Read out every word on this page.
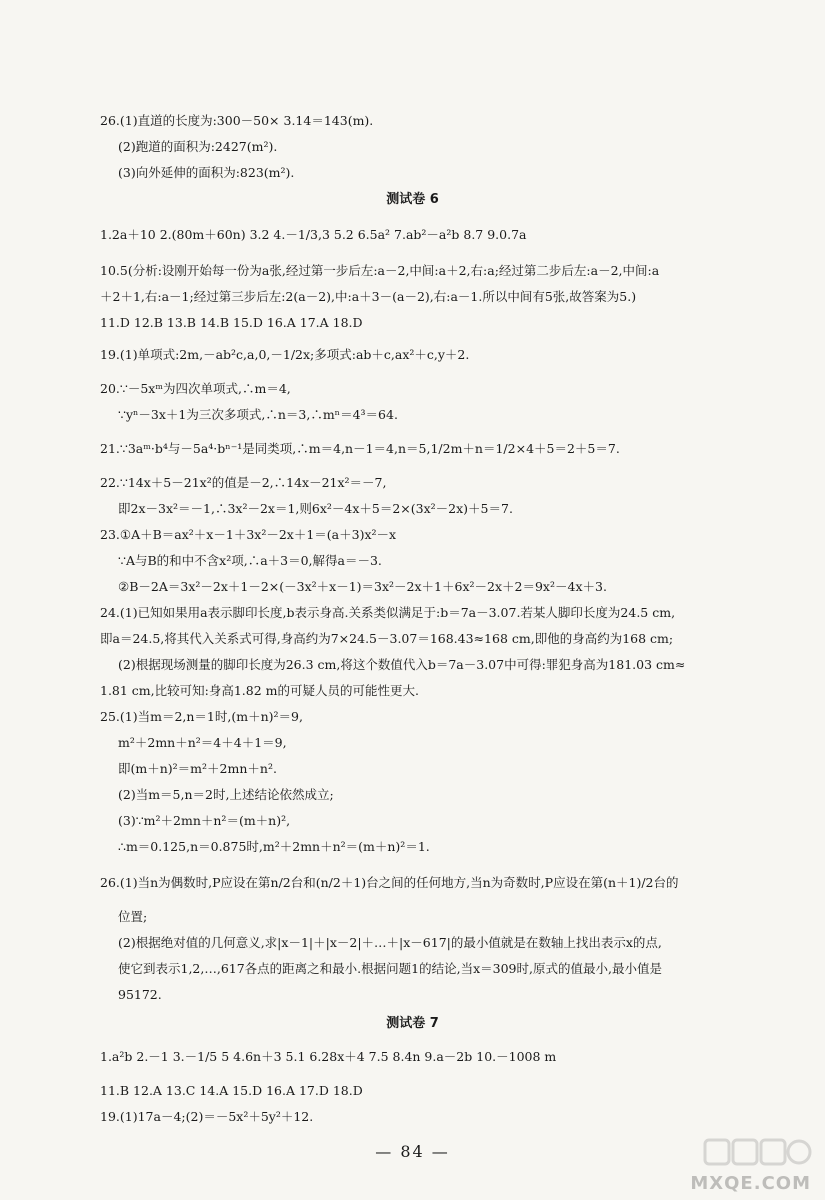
26.(1)直道的长度为:300－50× 3.14＝143(m).
(2)跑道的面积为:2427(m²).
(3)向外延伸的面积为:823(m²).
1.2a＋10 2.(80m＋60n) 3.2 4.－1/3,3 5.2 6.5a² 7.ab²－a²b 8.7 9.0.7a
10.5(分析:设刚开始每一份为a张,经过第一步后左:a－2,中间:a＋2,右:a;经过第二步后左:a－2,中间:a
＋2＋1,右:a－1;经过第三步后左:2(a－2),中:a＋3－(a－2),右:a－1.所以中间有5张,故答案为5.)
11.D 12.B 13.B 14.B 15.D 16.A 17.A 18.D
19.(1)单项式:2m,－ab²c,a,0,－1/2x;多项式:ab＋c,ax²＋c,y＋2.
20.∵－5xᵐ为四次单项式,∴m＝4,
∵yⁿ－3x＋1为三次多项式,∴n＝3,∴mⁿ＝4³＝64.
21.∵3aᵐ·b⁴与－5a⁴·bⁿ⁻¹是同类项,∴m＝4,n－1＝4,n＝5,1/2m＋n＝1/2×4＋5＝2＋5＝7.
22.∵14x＋5－21x²的值是－2,∴14x－21x²＝－7,
即2x－3x²＝－1,∴3x²－2x＝1,则6x²－4x＋5＝2×(3x²－2x)＋5＝7.
23.①A＋B＝ax²＋x－1＋3x²－2x＋1＝(a＋3)x²－x
∵A与B的和中不含x²项,∴a＋3＝0,解得a＝－3.
②B－2A＝3x²－2x＋1－2×(－3x²＋x－1)＝3x²－2x＋1＋6x²－2x＋2＝9x²－4x＋3.
24.(1)已知如果用a表示脚印长度,b表示身高.关系类似满足于:b＝7a－3.07.若某人脚印长度为24.5 cm,
即a＝24.5,将其代入关系式可得,身高约为7×24.5－3.07＝168.43≈168 cm,即他的身高约为168 cm;
(2)根据现场测量的脚印长度为26.3 cm,将这个数值代入b＝7a－3.07中可得:罪犯身高为181.03 cm≈
1.81 cm,比较可知:身高1.82 m的可疑人员的可能性更大.
25.(1)当m＝2,n＝1时,(m＋n)²＝9,
m²＋2mn＋n²＝4＋4＋1＝9,
即(m＋n)²＝m²＋2mn＋n².
(2)当m＝5,n＝2时,上述结论依然成立;
(3)∵m²＋2mn＋n²＝(m＋n)²,
∴m＝0.125,n＝0.875时,m²＋2mn＋n²＝(m＋n)²＝1.
26.(1)当n为偶数时,P应设在第n/2台和(n/2＋1)台之间的任何地方,当n为奇数时,P应设在第(n＋1)/2台的
位置;
(2)根据绝对值的几何意义,求|x－1|＋|x－2|＋…＋|x－617|的最小值就是在数轴上找出表示x的点,
使它到表示1,2,…,617各点的距离之和最小.根据问题1的结论,当x＝309时,原式的值最小,最小值是
95172.
1.a²b 2.－1 3.－1/5 5 4.6n＋3 5.1 6.28x＋4 7.5 8.4n 9.a－2b 10.－1008 m
11.B 12.A 13.C 14.A 15.D 16.A 17.D 18.D
19.(1)17a－4;(2)＝－5x²＋5y²＋12.
测试卷 6
测试卷 7
— 84 —
MXQE.COM
